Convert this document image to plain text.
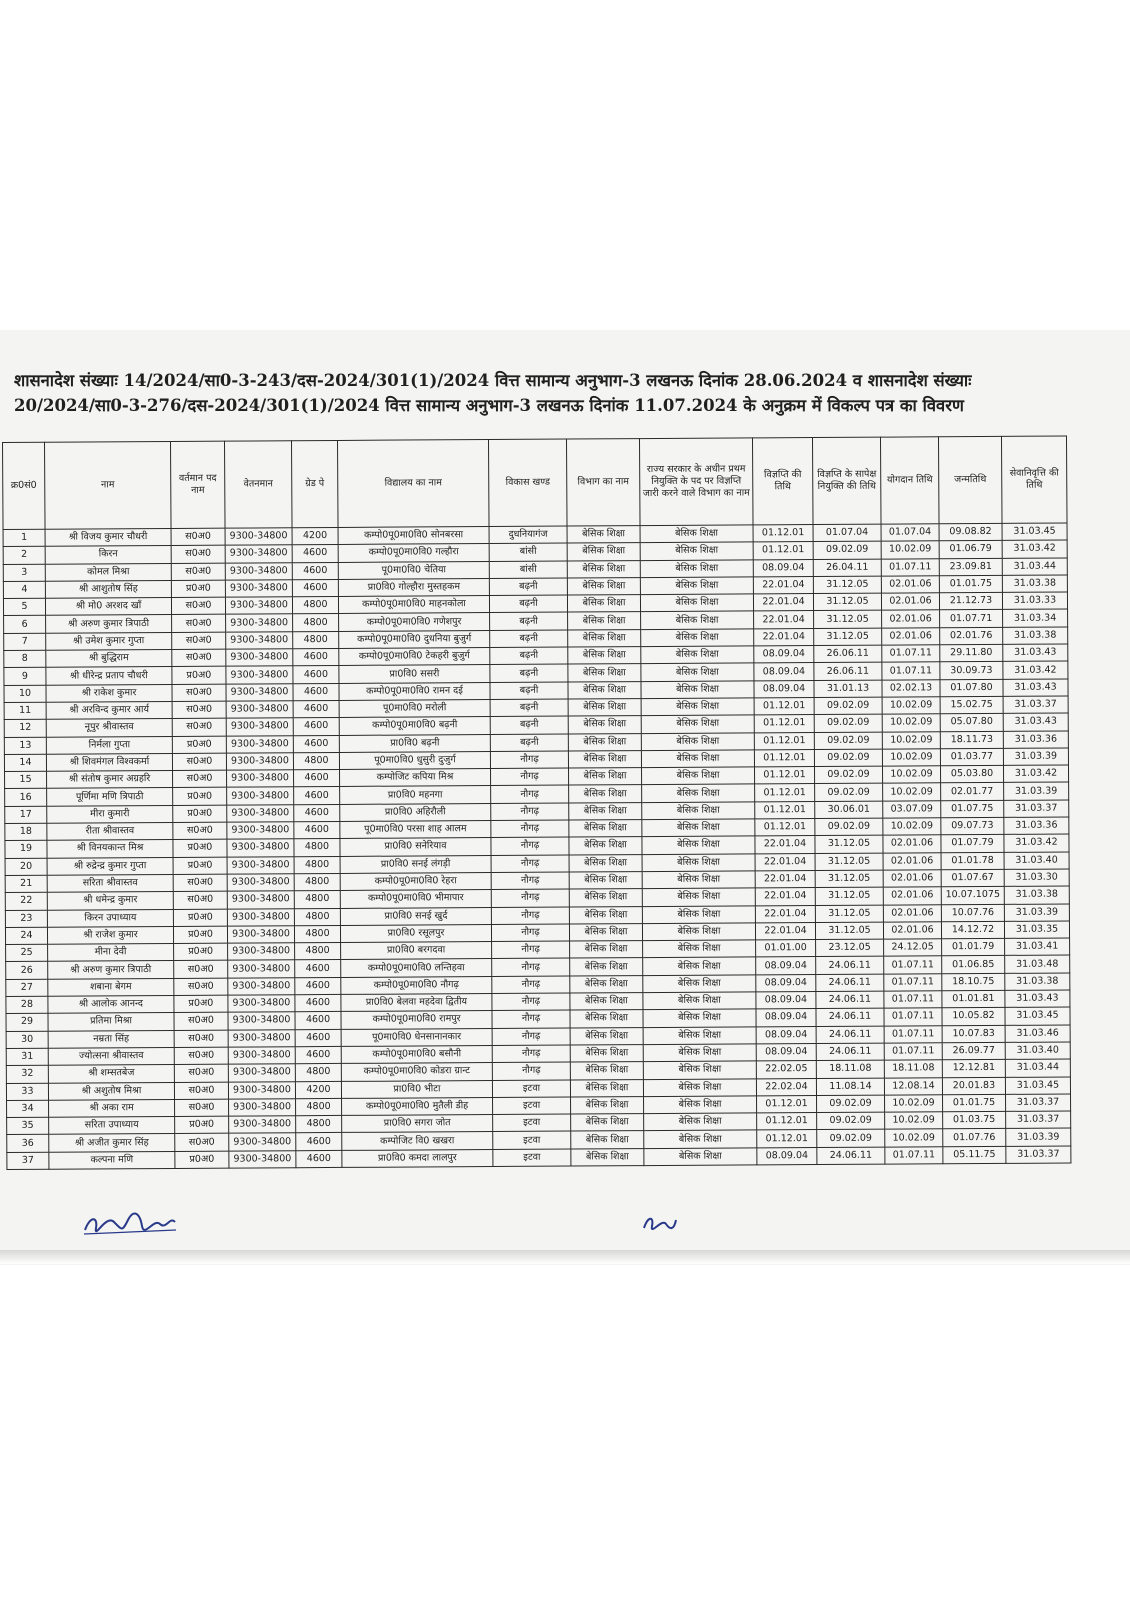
शासनादेश संख्याः 14/2024/सा0-3-243/दस-2024/301(1)/2024 वित्त सामान्य अनुभाग-3 लखनऊ दिनांक 28.06.2024 व शासनादेश संख्याः
20/2024/सा0-3-276/दस-2024/301(1)/2024 वित्त सामान्य अनुभाग-3 लखनऊ दिनांक 11.07.2024 के अनुक्रम में विकल्प पत्र का विवरण
क्र0सं0	नाम	वर्तमान पद नाम	वेतनमान	ग्रेड पे	विद्यालय का नाम	विकास खण्ड	विभाग का नाम	राज्य सरकार के अधीन प्रथम नियुक्ति के पद पर विज्ञप्ति जारी करने वाले विभाग का नाम	विज्ञप्ति की तिथि	विज्ञप्ति के सापेक्ष नियुक्ति की तिथि	योगदान तिथि	जन्मतिथि	सेवानिवृत्ति की तिथि
1	श्री विजय कुमार चौधरी	स0अ0	9300-34800	4200	कम्पो0पू0मा0वि0 सोनबरसा	दुधनियागंज	बेसिक शिक्षा	बेसिक शिक्षा	01.12.01	01.07.04	01.07.04	09.08.82	31.03.45
2	किरन	स0अ0	9300-34800	4600	कम्पो0पू0मा0वि0 गल्हौरा	बांसी	बेसिक शिक्षा	बेसिक शिक्षा	01.12.01	09.02.09	10.02.09	01.06.79	31.03.42
3	कोमल मिश्रा	स0अ0	9300-34800	4600	पू0मा0वि0 चेतिया	बांसी	बेसिक शिक्षा	बेसिक शिक्षा	08.09.04	26.04.11	01.07.11	23.09.81	31.03.44
4	श्री आशुतोष सिंह	प्र0अ0	9300-34800	4600	प्रा0वि0 गोल्हौरा मुस्तहकम	बढ़नी	बेसिक शिक्षा	बेसिक शिक्षा	22.01.04	31.12.05	02.01.06	01.01.75	31.03.38
5	श्री मो0 अरशद खाँ	स0अ0	9300-34800	4800	कम्पो0पू0मा0वि0 माहनकोला	बढ़नी	बेसिक शिक्षा	बेसिक शिक्षा	22.01.04	31.12.05	02.01.06	21.12.73	31.03.33
6	श्री अरुण कुमार त्रिपाठी	स0अ0	9300-34800	4800	कम्पो0पू0मा0वि0 गणेशपुर	बढ़नी	बेसिक शिक्षा	बेसिक शिक्षा	22.01.04	31.12.05	02.01.06	01.07.71	31.03.34
7	श्री उमेश कुमार गुप्ता	स0अ0	9300-34800	4800	कम्पो0पू0मा0वि0 दुधनिया बुजुर्ग	बढ़नी	बेसिक शिक्षा	बेसिक शिक्षा	22.01.04	31.12.05	02.01.06	02.01.76	31.03.38
8	श्री बुद्धिराम	स0अ0	9300-34800	4600	कम्पो0पू0मा0वि0 टेकहरी बुजुर्ग	बढ़नी	बेसिक शिक्षा	बेसिक शिक्षा	08.09.04	26.06.11	01.07.11	29.11.80	31.03.43
9	श्री धीरेन्द्र प्रताप चौधरी	प्र0अ0	9300-34800	4600	प्रा0वि0 ससरी	बढ़नी	बेसिक शिक्षा	बेसिक शिक्षा	08.09.04	26.06.11	01.07.11	30.09.73	31.03.42
10	श्री राकेश कुमार	स0अ0	9300-34800	4600	कम्पो0पू0मा0वि0 रामन दई	बढ़नी	बेसिक शिक्षा	बेसिक शिक्षा	08.09.04	31.01.13	02.02.13	01.07.80	31.03.43
11	श्री अरविन्द कुमार आर्य	स0अ0	9300-34800	4600	पू0मा0वि0 मरोली	बढ़नी	बेसिक शिक्षा	बेसिक शिक्षा	01.12.01	09.02.09	10.02.09	15.02.75	31.03.37
12	नूपुर श्रीवास्तव	स0अ0	9300-34800	4600	कम्पो0पू0मा0वि0 बढ़नी	बढ़नी	बेसिक शिक्षा	बेसिक शिक्षा	01.12.01	09.02.09	10.02.09	05.07.80	31.03.43
13	निर्मला गुप्ता	प्र0अ0	9300-34800	4600	प्रा0वि0 बढ़नी	बढ़नी	बेसिक शिक्षा	बेसिक शिक्षा	01.12.01	09.02.09	10.02.09	18.11.73	31.03.36
14	श्री शिवमंगल विश्वकर्मा	स0अ0	9300-34800	4800	पू0मा0वि0 धुसुरी दुजुर्ग	नौगढ़	बेसिक शिक्षा	बेसिक शिक्षा	01.12.01	09.02.09	10.02.09	01.03.77	31.03.39
15	श्री संतोष कुमार अग्रहरि	स0अ0	9300-34800	4600	कम्पोजिट कपिया मिश्र	नौगढ़	बेसिक शिक्षा	बेसिक शिक्षा	01.12.01	09.02.09	10.02.09	05.03.80	31.03.42
16	पूर्णिमा मणि त्रिपाठी	प्र0अ0	9300-34800	4600	प्रा0वि0 महनगा	नौगढ़	बेसिक शिक्षा	बेसिक शिक्षा	01.12.01	09.02.09	10.02.09	02.01.77	31.03.39
17	मीरा कुमारी	प्र0अ0	9300-34800	4600	प्रा0वि0 अहिरौली	नौगढ़	बेसिक शिक्षा	बेसिक शिक्षा	01.12.01	30.06.01	03.07.09	01.07.75	31.03.37
18	रीता श्रीवास्तव	स0अ0	9300-34800	4600	पू0मा0वि0 परसा शाह आलम	नौगढ़	बेसिक शिक्षा	बेसिक शिक्षा	01.12.01	09.02.09	10.02.09	09.07.73	31.03.36
19	श्री विनयकान्त मिश्र	प्र0अ0	9300-34800	4800	प्रा0वि0 सनेरियाव	नौगढ़	बेसिक शिक्षा	बेसिक शिक्षा	22.01.04	31.12.05	02.01.06	01.07.79	31.03.42
20	श्री रुद्रेन्द्र कुमार गुप्ता	प्र0अ0	9300-34800	4800	प्रा0वि0 सनई लंगड़ी	नौगढ़	बेसिक शिक्षा	बेसिक शिक्षा	22.01.04	31.12.05	02.01.06	01.01.78	31.03.40
21	सरिता श्रीवास्तव	स0अ0	9300-34800	4800	कम्पो0पू0मा0वि0 रेहरा	नौगढ़	बेसिक शिक्षा	बेसिक शिक्षा	22.01.04	31.12.05	02.01.06	01.07.67	31.03.30
22	श्री धमेन्द्र कुमार	स0अ0	9300-34800	4800	कम्पो0पू0मा0वि0 भीमापार	नौगढ़	बेसिक शिक्षा	बेसिक शिक्षा	22.01.04	31.12.05	02.01.06	10.07.1075	31.03.38
23	किरन उपाध्याय	प्र0अ0	9300-34800	4800	प्रा0वि0 सनई खुर्द	नौगढ़	बेसिक शिक्षा	बेसिक शिक्षा	22.01.04	31.12.05	02.01.06	10.07.76	31.03.39
24	श्री राजेश कुमार	प्र0अ0	9300-34800	4800	प्रा0वि0 रसूलपुर	नौगढ़	बेसिक शिक्षा	बेसिक शिक्षा	22.01.04	31.12.05	02.01.06	14.12.72	31.03.35
25	मीना देवी	प्र0अ0	9300-34800	4800	प्रा0वि0 बरगदवा	नौगढ़	बेसिक शिक्षा	बेसिक शिक्षा	01.01.00	23.12.05	24.12.05	01.01.79	31.03.41
26	श्री अरुण कुमार त्रिपाठी	स0अ0	9300-34800	4600	कम्पो0पू0मा0वि0 लन्तिहवा	नौगढ़	बेसिक शिक्षा	बेसिक शिक्षा	08.09.04	24.06.11	01.07.11	01.06.85	31.03.48
27	शबाना बेगम	स0अ0	9300-34800	4600	कम्पो0पू0मा0वि0 नौगढ़	नौगढ़	बेसिक शिक्षा	बेसिक शिक्षा	08.09.04	24.06.11	01.07.11	18.10.75	31.03.38
28	श्री आलोक आनन्द	प्र0अ0	9300-34800	4600	प्रा0वि0 बेलवा महदेवा द्वितीय	नौगढ़	बेसिक शिक्षा	बेसिक शिक्षा	08.09.04	24.06.11	01.07.11	01.01.81	31.03.43
29	प्रतिमा मिश्रा	स0अ0	9300-34800	4600	कम्पो0पू0मा0वि0 रामपुर	नौगढ़	बेसिक शिक्षा	बेसिक शिक्षा	08.09.04	24.06.11	01.07.11	10.05.82	31.03.45
30	नम्रता सिंह	स0अ0	9300-34800	4600	पू0मा0वि0 धेनसानानकार	नौगढ़	बेसिक शिक्षा	बेसिक शिक्षा	08.09.04	24.06.11	01.07.11	10.07.83	31.03.46
31	ज्योत्सना श्रीवास्तव	स0अ0	9300-34800	4600	कम्पो0पू0मा0वि0 बसौनी	नौगढ़	बेसिक शिक्षा	बेसिक शिक्षा	08.09.04	24.06.11	01.07.11	26.09.77	31.03.40
32	श्री शम्सतबेज	स0अ0	9300-34800	4800	कम्पो0पू0मा0वि0 कोडरा ग्रान्ट	नौगढ़	बेसिक शिक्षा	बेसिक शिक्षा	22.02.05	18.11.08	18.11.08	12.12.81	31.03.44
33	श्री अशुतोष मिश्रा	स0अ0	9300-34800	4200	प्रा0वि0 भीटा	इटवा	बेसिक शिक्षा	बेसिक शिक्षा	22.02.04	11.08.14	12.08.14	20.01.83	31.03.45
34	श्री अका राम	स0अ0	9300-34800	4800	कम्पो0पू0मा0वि0 मुतैली डीह	इटवा	बेसिक शिक्षा	बेसिक शिक्षा	01.12.01	09.02.09	10.02.09	01.01.75	31.03.37
35	सरिता उपाध्याय	प्र0अ0	9300-34800	4800	प्रा0वि0 सगरा जोत	इटवा	बेसिक शिक्षा	बेसिक शिक्षा	01.12.01	09.02.09	10.02.09	01.03.75	31.03.37
36	श्री अजीत कुमार सिंह	स0अ0	9300-34800	4600	कम्पोजिट वि0 खखरा	इटवा	बेसिक शिक्षा	बेसिक शिक्षा	01.12.01	09.02.09	10.02.09	01.07.76	31.03.39
37	कल्पना मणि	प्र0अ0	9300-34800	4600	प्रा0वि0 कमदा लालपुर	इटवा	बेसिक शिक्षा	बेसिक शिक्षा	08.09.04	24.06.11	01.07.11	05.11.75	31.03.37
